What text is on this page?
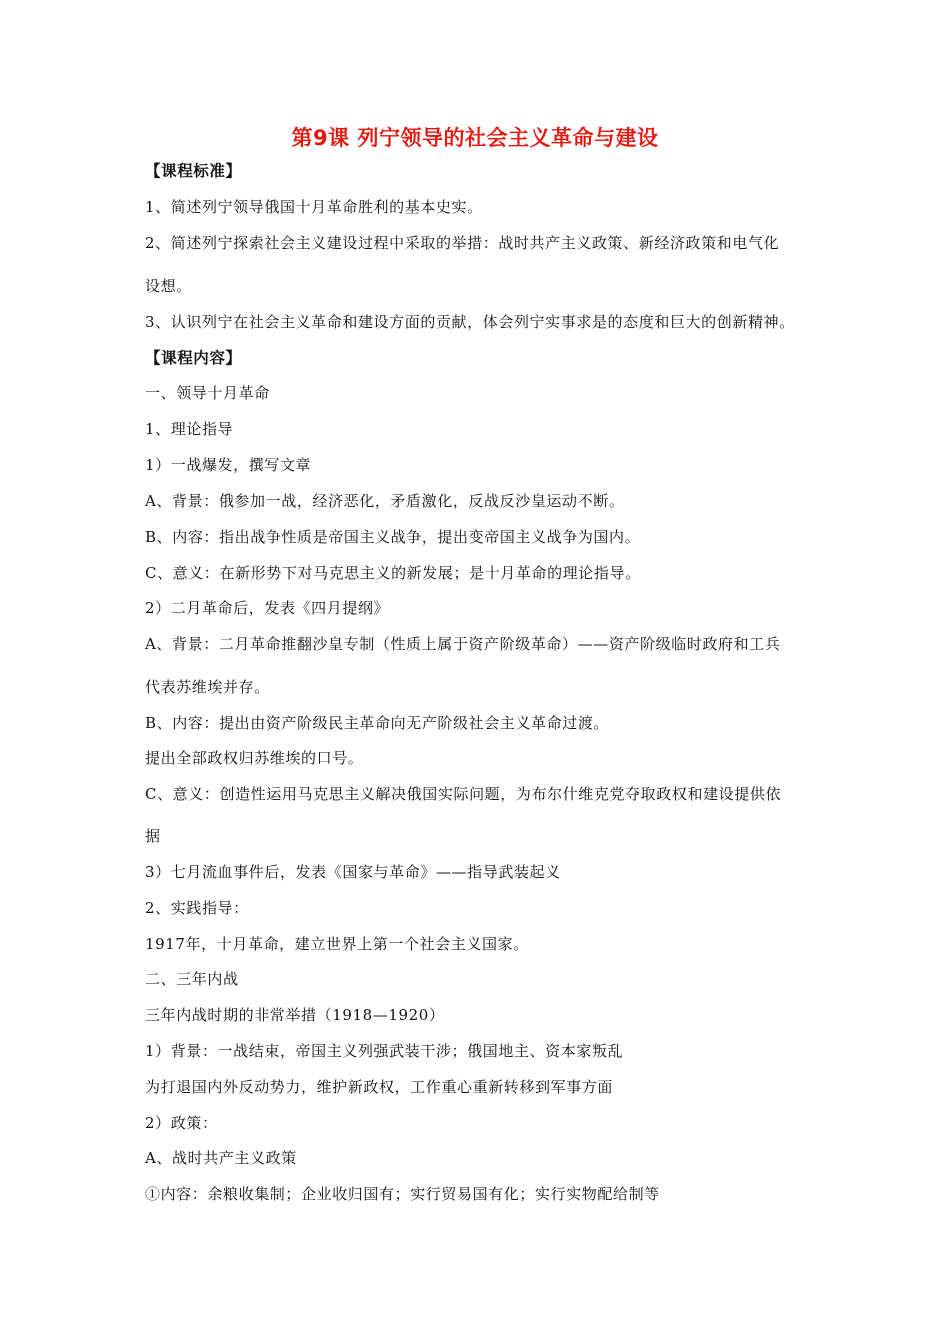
第9课 列宁领导的社会主义革命与建设
【课程标准】
1、简述列宁领导俄国十月革命胜利的基本史实。
2、简述列宁探索社会主义建设过程中采取的举措：战时共产主义政策、新经济政策和电气化
设想。
3、认识列宁在社会主义革命和建设方面的贡献，体会列宁实事求是的态度和巨大的创新精神。
【课程内容】
一、领导十月革命
1、理论指导
1）一战爆发，撰写文章
A、背景：俄参加一战，经济恶化，矛盾激化，反战反沙皇运动不断。
B、内容：指出战争性质是帝国主义战争，提出变帝国主义战争为国内。
C、意义：在新形势下对马克思主义的新发展；是十月革命的理论指导。
2）二月革命后，发表《四月提纲》
A、背景：二月革命推翻沙皇专制（性质上属于资产阶级革命）——资产阶级临时政府和工兵
代表苏维埃并存。
B、内容：提出由资产阶级民主革命向无产阶级社会主义革命过渡。
提出全部政权归苏维埃的口号。
C、意义：创造性运用马克思主义解决俄国实际问题，为布尔什维克党夺取政权和建设提供依
据
3）七月流血事件后，发表《国家与革命》——指导武装起义
2、实践指导：
1917年，十月革命，建立世界上第一个社会主义国家。
二、三年内战
三年内战时期的非常举措（1918—1920）
1）背景：一战结束，帝国主义列强武装干涉；俄国地主、资本家叛乱
为打退国内外反动势力，维护新政权，工作重心重新转移到军事方面
2）政策：
A、战时共产主义政策
①内容：余粮收集制；企业收归国有；实行贸易国有化；实行实物配给制等
